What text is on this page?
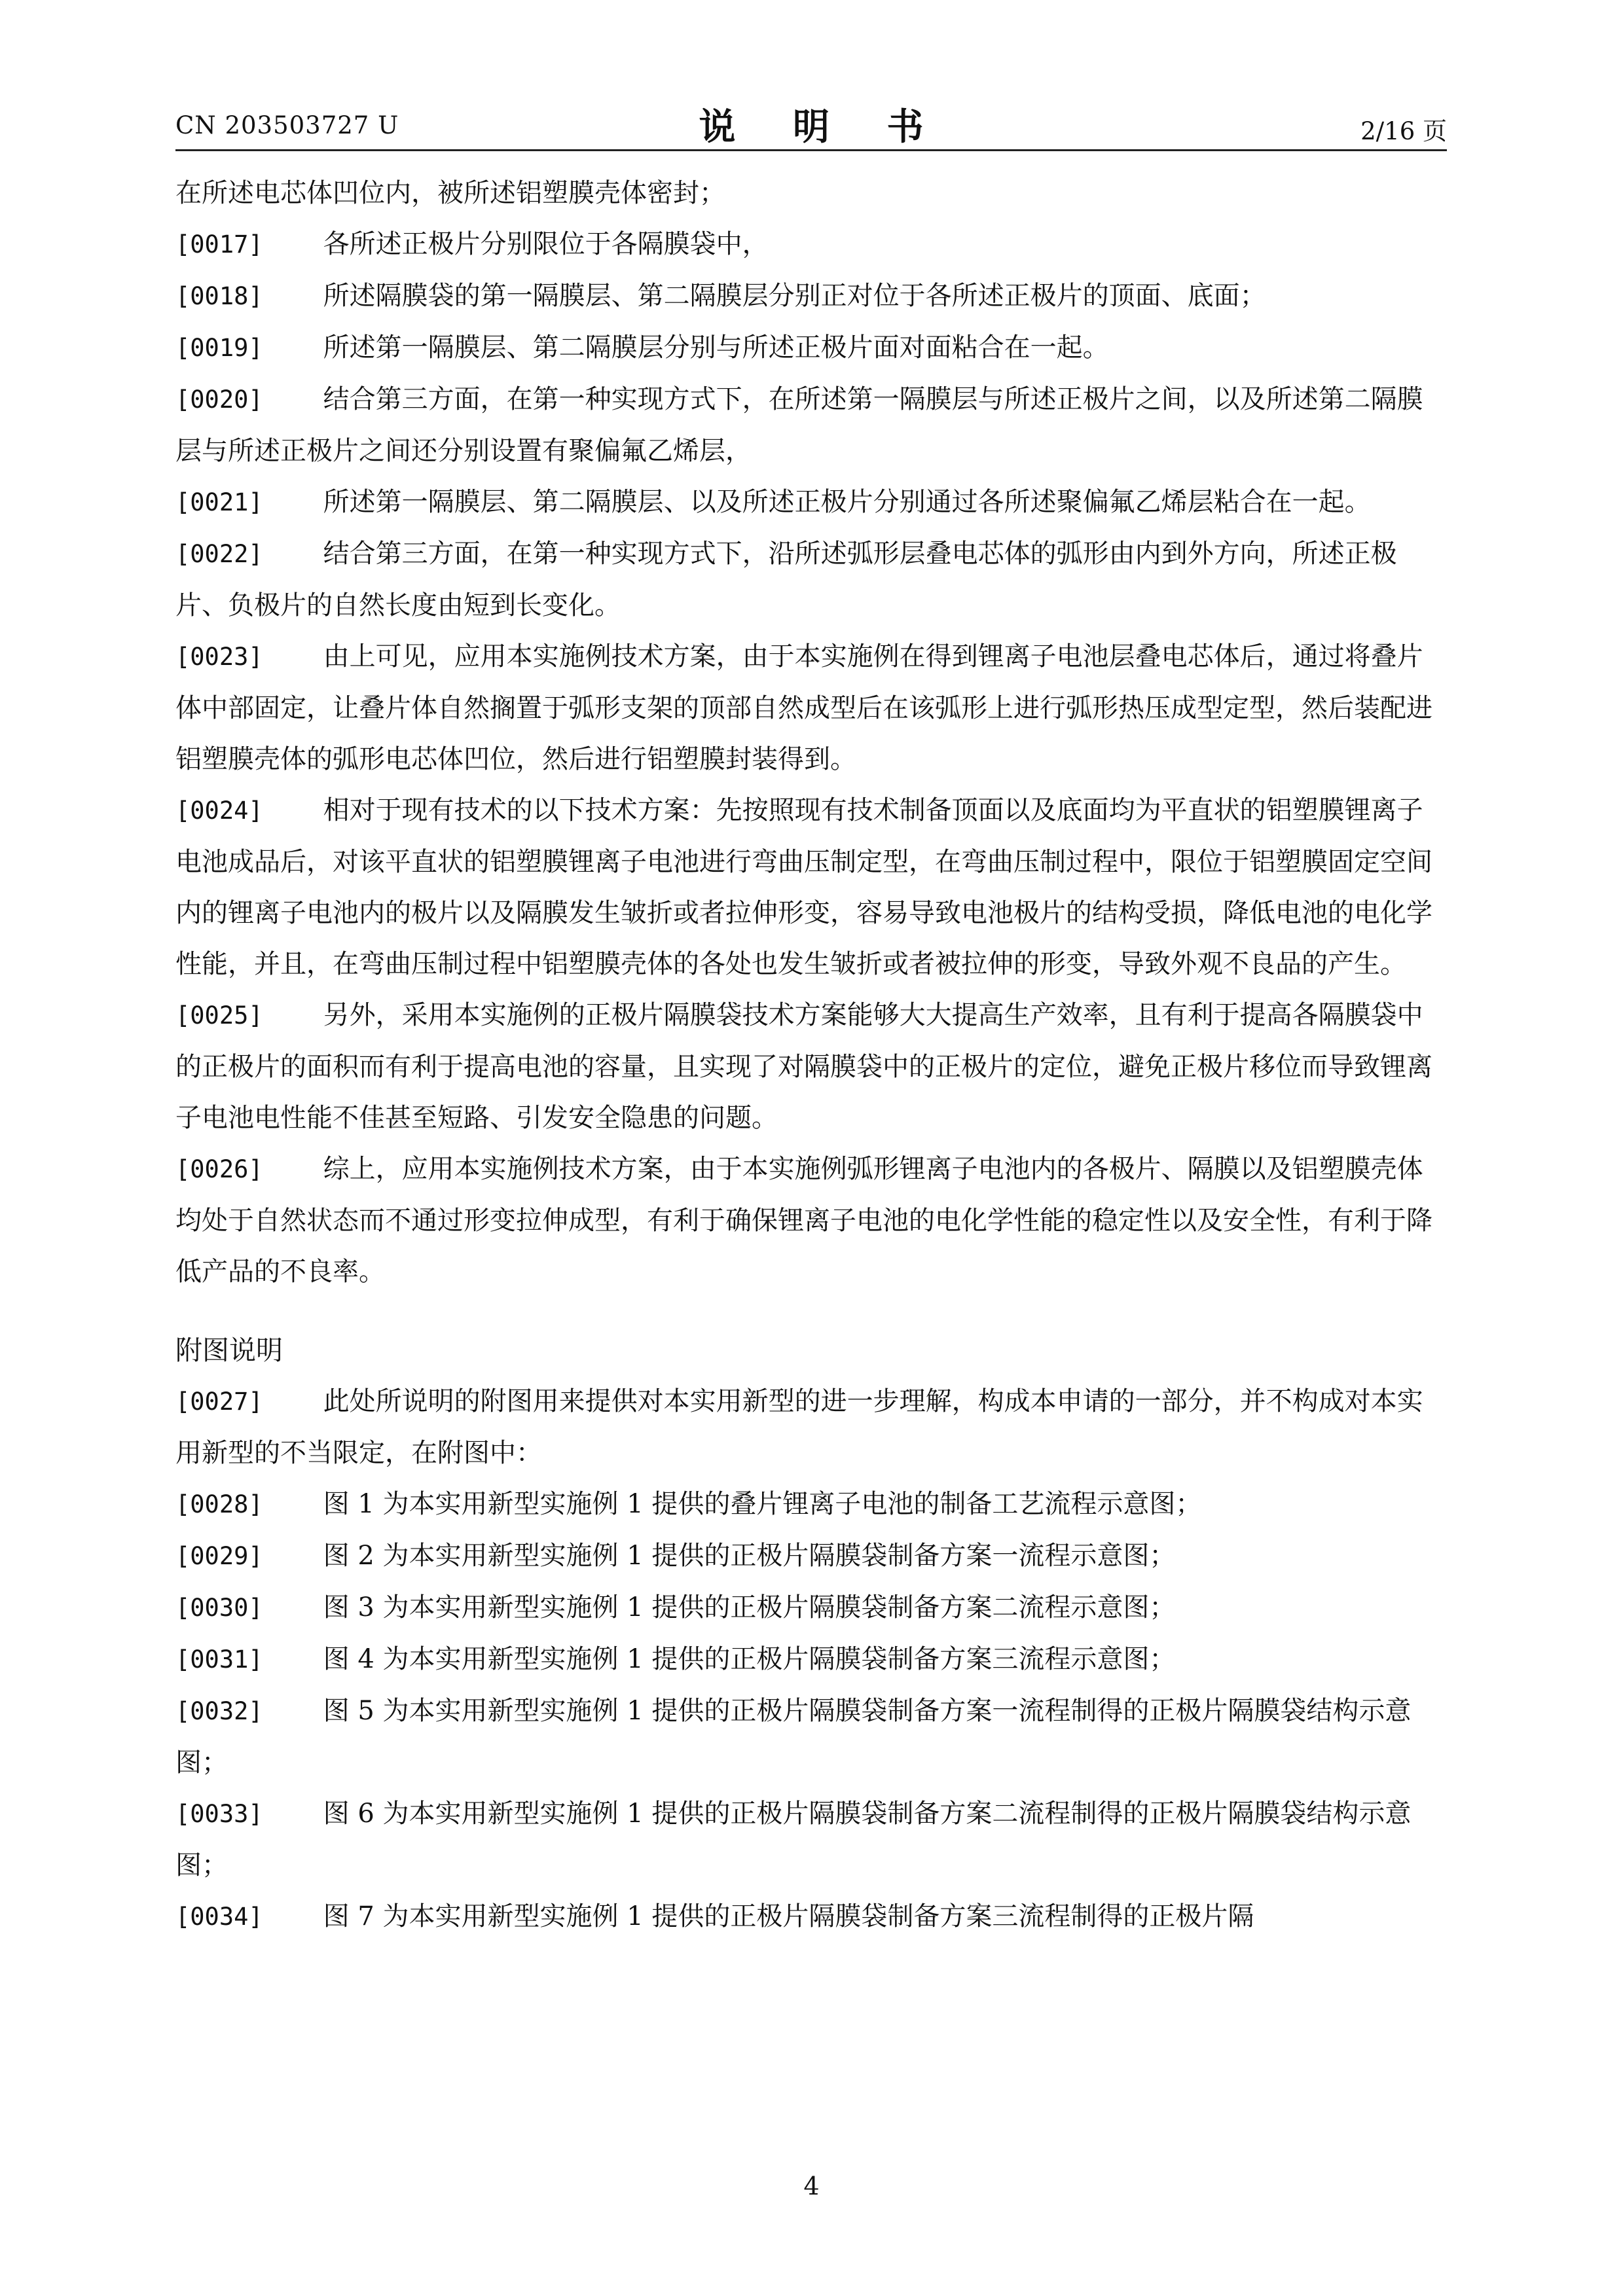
CN 203503727 U	说 明 书	2/16 页

在所述电芯体凹位内，被所述铝塑膜壳体密封；

[0017] 各所述正极片分别限位于各隔膜袋中，

[0018] 所述隔膜袋的第一隔膜层、第二隔膜层分别正对位于各所述正极片的顶面、底面；

[0019] 所述第一隔膜层、第二隔膜层分别与所述正极片面对面粘合在一起。

[0020] 结合第三方面，在第一种实现方式下，在所述第一隔膜层与所述正极片之间，以及所述第二隔膜层与所述正极片之间还分别设置有聚偏氟乙烯层，

[0021] 所述第一隔膜层、第二隔膜层、以及所述正极片分别通过各所述聚偏氟乙烯层粘合在一起。

[0022] 结合第三方面，在第一种实现方式下，沿所述弧形层叠电芯体的弧形由内到外方向，所述正极片、负极片的自然长度由短到长变化。

[0023] 由上可见，应用本实施例技术方案，由于本实施例在得到锂离子电池层叠电芯体后，通过将叠片体中部固定，让叠片体自然搁置于弧形支架的顶部自然成型后在该弧形上进行弧形热压成型定型，然后装配进铝塑膜壳体的弧形电芯体凹位，然后进行铝塑膜封装得到。

[0024] 相对于现有技术的以下技术方案：先按照现有技术制备顶面以及底面均为平直状的铝塑膜锂离子电池成品后，对该平直状的铝塑膜锂离子电池进行弯曲压制定型，在弯曲压制过程中，限位于铝塑膜固定空间内的锂离子电池内的极片以及隔膜发生皱折或者拉伸形变，容易导致电池极片的结构受损，降低电池的电化学性能，并且，在弯曲压制过程中铝塑膜壳体的各处也发生皱折或者被拉伸的形变，导致外观不良品的产生。

[0025] 另外，采用本实施例的正极片隔膜袋技术方案能够大大提高生产效率，且有利于提高各隔膜袋中的正极片的面积而有利于提高电池的容量，且实现了对隔膜袋中的正极片的定位，避免正极片移位而导致锂离子电池电性能不佳甚至短路、引发安全隐患的问题。

[0026] 综上，应用本实施例技术方案，由于本实施例弧形锂离子电池内的各极片、隔膜以及铝塑膜壳体均处于自然状态而不通过形变拉伸成型，有利于确保锂离子电池的电化学性能的稳定性以及安全性，有利于降低产品的不良率。

附图说明

[0027] 此处所说明的附图用来提供对本实用新型的进一步理解，构成本申请的一部分，并不构成对本实用新型的不当限定，在附图中：

[0028] 图 1 为本实用新型实施例 1 提供的叠片锂离子电池的制备工艺流程示意图；

[0029] 图 2 为本实用新型实施例 1 提供的正极片隔膜袋制备方案一流程示意图；

[0030] 图 3 为本实用新型实施例 1 提供的正极片隔膜袋制备方案二流程示意图；

[0031] 图 4 为本实用新型实施例 1 提供的正极片隔膜袋制备方案三流程示意图；

[0032] 图 5 为本实用新型实施例 1 提供的正极片隔膜袋制备方案一流程制得的正极片隔膜袋结构示意图；

[0033] 图 6 为本实用新型实施例 1 提供的正极片隔膜袋制备方案二流程制得的正极片隔膜袋结构示意图；

[0034] 图 7 为本实用新型实施例 1 提供的正极片隔膜袋制备方案三流程制得的正极片隔

4
